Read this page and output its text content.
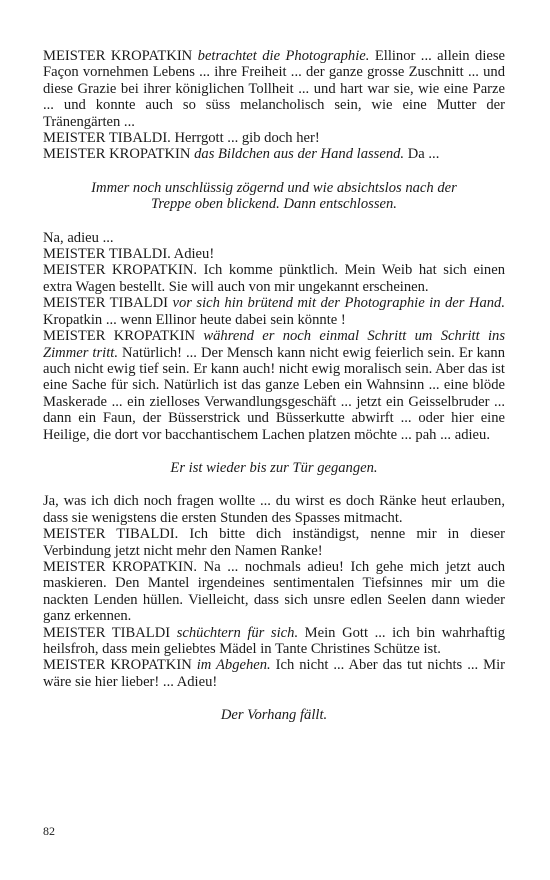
MEISTER KROPATKIN betrachtet die Photographie. Ellinor ... allein diese Façon vornehmen Lebens ... ihre Freiheit ... der ganze grosse Zuschnitt ... und diese Grazie bei ihrer königlichen Tollheit ... und hart war sie, wie eine Parze ... und konnte auch so süss melancholisch sein, wie eine Mutter der Tränengärten ...

MEISTER TIBALDI. Herrgott ... gib doch her!

MEISTER KROPATKIN das Bildchen aus der Hand lassend. Da ...

Immer noch unschlüssig zögernd und wie absichtslos nach der Treppe oben blickend. Dann entschlossen.

Na, adieu ...

MEISTER TIBALDI. Adieu!

MEISTER KROPATKIN. Ich komme pünktlich. Mein Weib hat sich einen extra Wagen bestellt. Sie will auch von mir ungekannt erscheinen.

MEISTER TIBALDI vor sich hin brütend mit der Photographie in der Hand. Kropatkin ... wenn Ellinor heute dabei sein könnte !

MEISTER KROPATKIN während er noch einmal Schritt um Schritt ins Zimmer tritt. Natürlich! ... Der Mensch kann nicht ewig feierlich sein. Er kann auch nicht ewig tief sein. Er kann auch! nicht ewig moralisch sein. Aber das ist eine Sache für sich. Natürlich ist das ganze Leben ein Wahnsinn ... eine blöde Maskerade ... ein zielloses Verwandlungsgeschäft ... jetzt ein Geisselbruder ... dann ein Faun, der Büsserstrick und Büsserkutte abwirft ... oder hier eine Heilige, die dort vor bacchantischem Lachen platzen möchte ... pah ... adieu.

Er ist wieder bis zur Tür gegangen.

Ja, was ich dich noch fragen wollte ... du wirst es doch Ränke heut erlauben, dass sie wenigstens die ersten Stunden des Spasses mitmacht.

MEISTER TIBALDI. Ich bitte dich inständigst, nenne mir in dieser Verbindung jetzt nicht mehr den Namen Ranke!

MEISTER KROPATKIN. Na ... nochmals adieu! Ich gehe mich jetzt auch maskieren. Den Mantel irgendeines sentimentalen Tiefsinnes mir um die nackten Lenden hüllen. Vielleicht, dass sich unsre edlen Seelen dann wieder ganz erkennen.

MEISTER TIBALDI schüchtern für sich. Mein Gott ... ich bin wahrhaftig heilsfroh, dass mein geliebtes Mädel in Tante Christines Schütze ist.

MEISTER KROPATKIN im Abgehen. Ich nicht ... Aber das tut nichts ... Mir wäre sie hier lieber! ... Adieu!

Der Vorhang fällt.

82
